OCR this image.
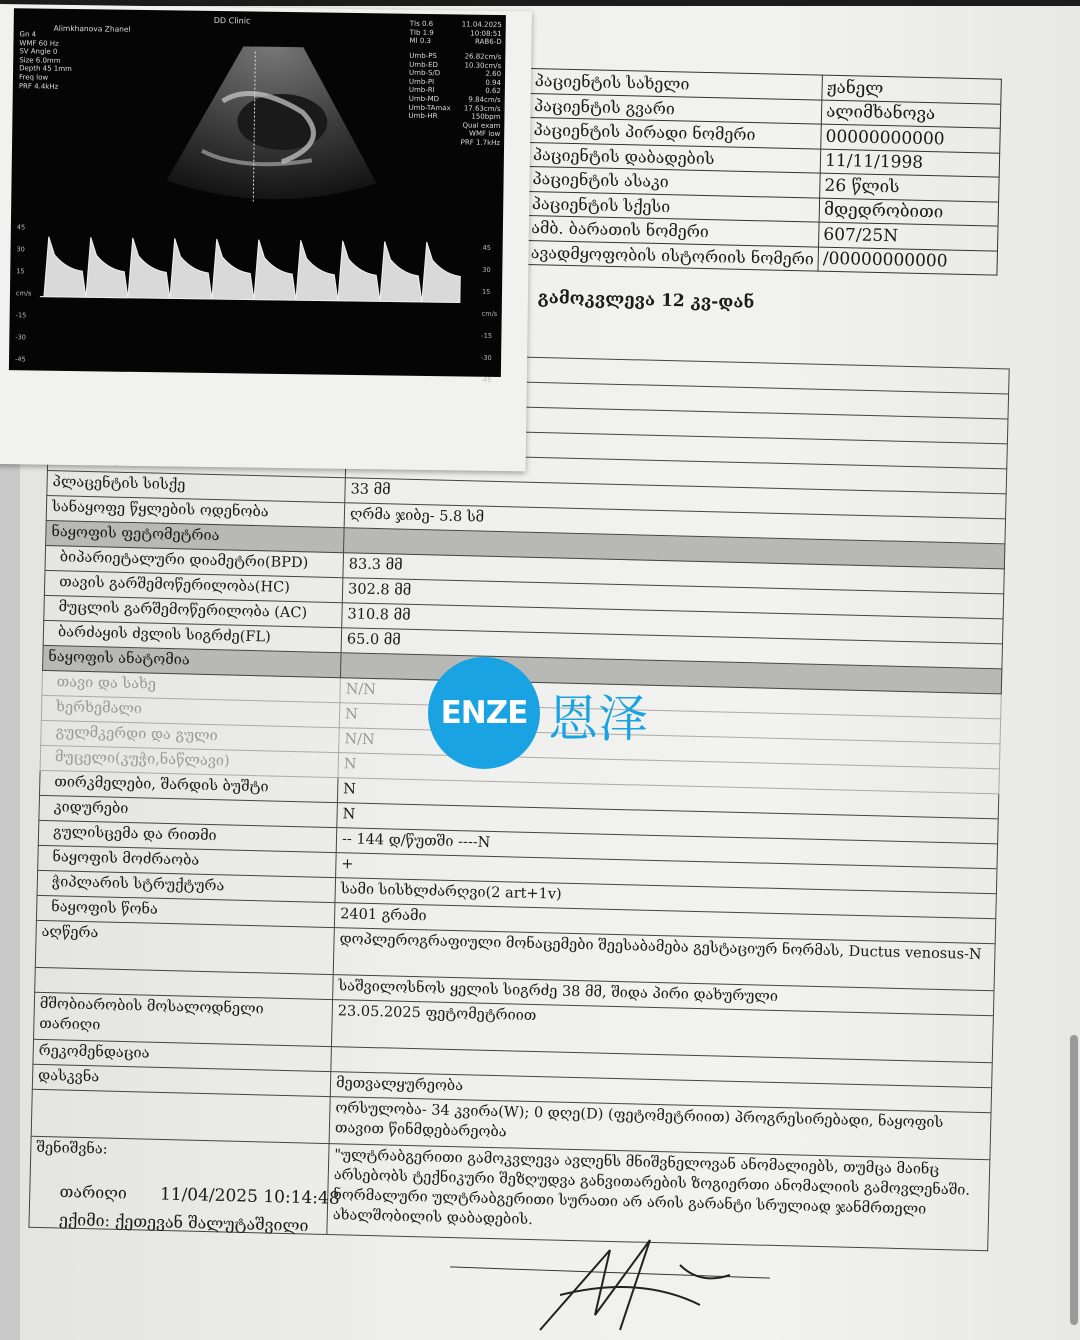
პაციენტის სახელი	ჟანელ
პაციენტის გვარი	ალიმხანოვა
პაციენტის პირადი ნომერი	00000000000
პაციენტის დაბადების	11/11/1998
პაციენტის ასაკი	26 წლის
პაციენტის სქესი	მდედრობითი
ამბ. ბარათის ნომერი	607/25N
ავადმყოფობის ისტორიის ნომერი	/00000000000
გამოკვლევა 12 კვ-დან

პლაცენტის სისქე	33 მმ
სანაყოფე წყლების ოდენობა	ღრმა ჯიბე- 5.8 სმ
ნაყოფის ფეტომეტრია	
ბიპარიეტალური დიამეტრი(BPD)	83.3 მმ
თავის გარშემოწერილობა(HC)	302.8 მმ
მუცლის გარშემოწერილობა (AC)	310.8 მმ
ბარძაყის ძვლის სიგრძე(FL)	65.0 მმ
ნაყოფის ანატომია	
თავი და სახე	N/N
ხერხემალი	N
გულმკერდი და გული	N/N
მუცელი(კუჭი,ნაწლავი)	N
თირკმელები, შარდის ბუშტი	N
კიდურები	N
გულისცემა და რითმი	-- 144 დ/წუთში ----N
ნაყოფის მოძრაობა	+
ჭიპლარის სტრუქტურა	სამი სისხლძარღვი(2 art+1v)
ნაყოფის წონა	2401 გრამი
აღწერა	დოპლეროგრაფიული მონაცემები შეესაბამება გესტაციურ ნორმას, Ductus venosus-N
	საშვილოსნოს ყელის სიგრძე 38 მმ, შიდა პირი დახურული
მშობიარობის მოსალოდნელი თარიღი	23.05.2025 ფეტომეტრიით
რეკომენდაცია	
დასკვნა	მეთვალყურეობა
	ორსულობა- 34 კვირა(W); 0 დღე(D) (ფეტომეტრიით) პროგრესირებადი, ნაყოფის თავით წინმდებარეობა
შენიშვნა:	"ულტრაბგერითი გამოკვლევა ავლენს მნიშვნელოვან ანომალიებს, თუმცა მაინც არსებობს ტექნიკური შეზღუდვა განვითარების ზოგიერთი ანომალიის გამოვლენაში. ნორმალური ულტრაბგერითი სურათი არ არის გარანტი სრულიად ჯანმრთელი ახალშობილის დაბადების.
თარიღი 11/04/2025 10:14:48
ექიმი: ქეთევან შალუტაშვილი
DD Clinic
Alimkhanova Zhanel	TIs 0.6
TIb 1.9
MI 0.3
11.04.2025
10:08:51
RAB6-D
Gn 4
WMF 60 Hz
SV Angle 0
Size 6.0mm
Depth 45 1mm
Freq low
PRF 4.4kHz
Umb-PS	26.82cm/s
Umb-ED	10.30cm/s
Umb-S/D	2.60
Umb-PI	0.94
Umb-RI	0.62
Umb-MD	9.84cm/s
Umb-TAmax 17.63cm/s
Umb-HR	150bpm
Qual exam
WMF low
PRF 1.7kHz
45
30
15
cm/s
-15
-30
-45
45
30
15
cm/s
-15
-30
-45
ENZE 恩泽
